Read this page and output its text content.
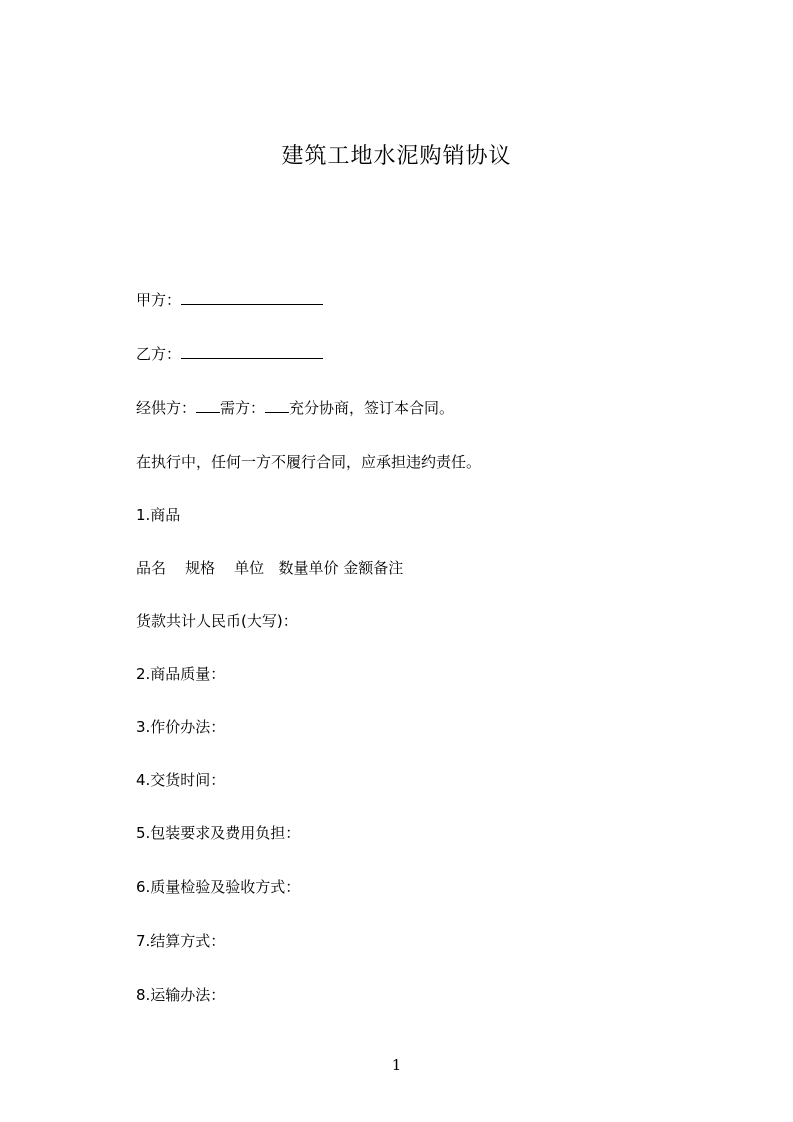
建筑工地水泥购销协议
甲方：
乙方：
经供方： 需方： 充分协商，签订本合同。
在执行中，任何一方不履行合同，应承担违约责任。
1.商品
品名    规格    单位   数量单价 金额备注
货款共计人民币(大写)：
2.商品质量：
3.作价办法：
4.交货时间：
5.包装要求及费用负担：
6.质量检验及验收方式：
7.结算方式：
8.运输办法：
1
